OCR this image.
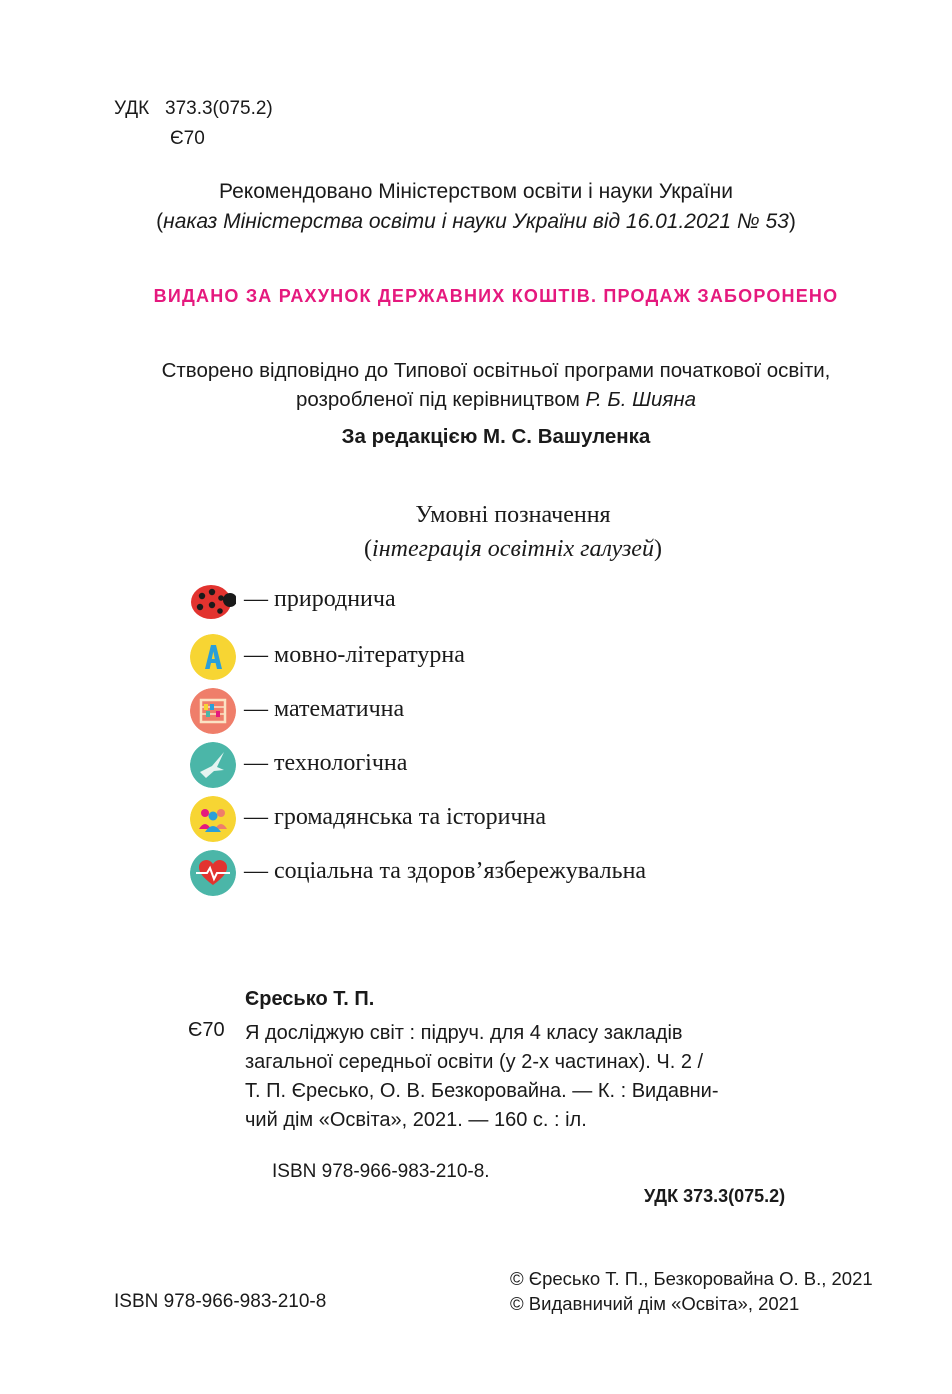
УДК 373.3(075.2)
Є70
Рекомендовано Міністерством освіти і науки України
(наказ Міністерства освіти і науки України від 16.01.2021 № 53)
ВИДАНО ЗА РАХУНОК ДЕРЖАВНИХ КОШТІВ. ПРОДАЖ ЗАБОРОНЕНО
Створено відповідно до Типової освітньої програми початкової освіти,
розробленої під керівництвом Р. Б. Шияна
За редакцією М. С. Вашуленка
Умовні позначення
(інтеграція освітніх галузей)
— природнича
— мовно-літературна
— математична
— технологічна
— громадянська та історична
— соціальна та здоров’язбережувальна
Єресько Т. П.
Є70 Я досліджую світ : підруч. для 4 класу закладів
загальної середньої освіти (у 2-х частинах). Ч. 2 /
Т. П. Єресько, О. В. Безкоровайна. — К. : Видавни-
чий дім «Освіта», 2021. — 160 с. : іл.
ISBN 978-966-983-210-8.
УДК 373.3(075.2)
© Єресько Т. П., Безкоровайна О. В., 2021
© Видавничий дім «Освіта», 2021
ISBN 978-966-983-210-8
